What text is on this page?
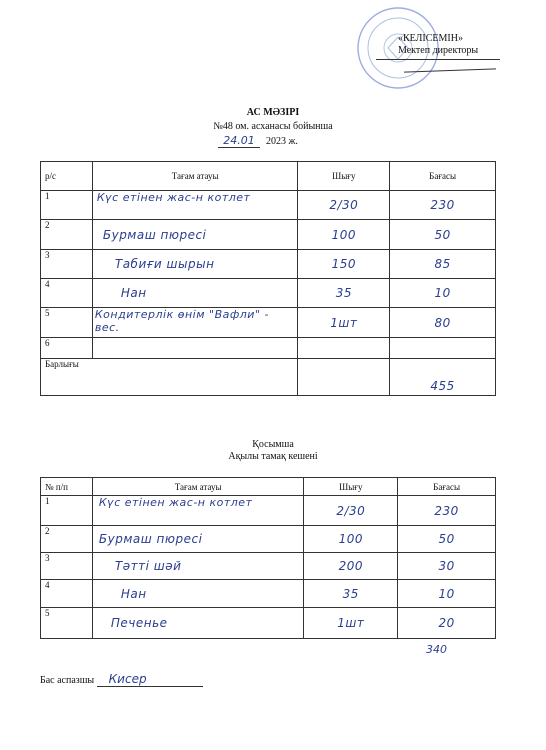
«КЕЛІСЕМІН»
Мектеп директоры
АС МӘЗІРІ
№48 ом. асханасы бойынша
24.01 2023 ж.
р/с	Тағам атауы	Шығу	Бағасы
1	Күс етінен жас-н котлет	2/30	230
2	Бурмаш пюресі	100	50
3	Табиғи шырын	150	85
4	Нан	35	10
5	Кондитерлік өнім "Вафли" - вес.	1шт	80
6			
Барлығы			455
Қосымша
Ақылы тамақ кешені
№ п/п	Тағам атауы	Шығу	Бағасы
1	Күс етінен жас-н котлет	2/30	230
2	Бурмаш пюресі	100	50
3	Тәтті шәй	200	30
4	Нан	35	10
5	Печенье	1шт	20
340
Бас аспазшы Кисер
